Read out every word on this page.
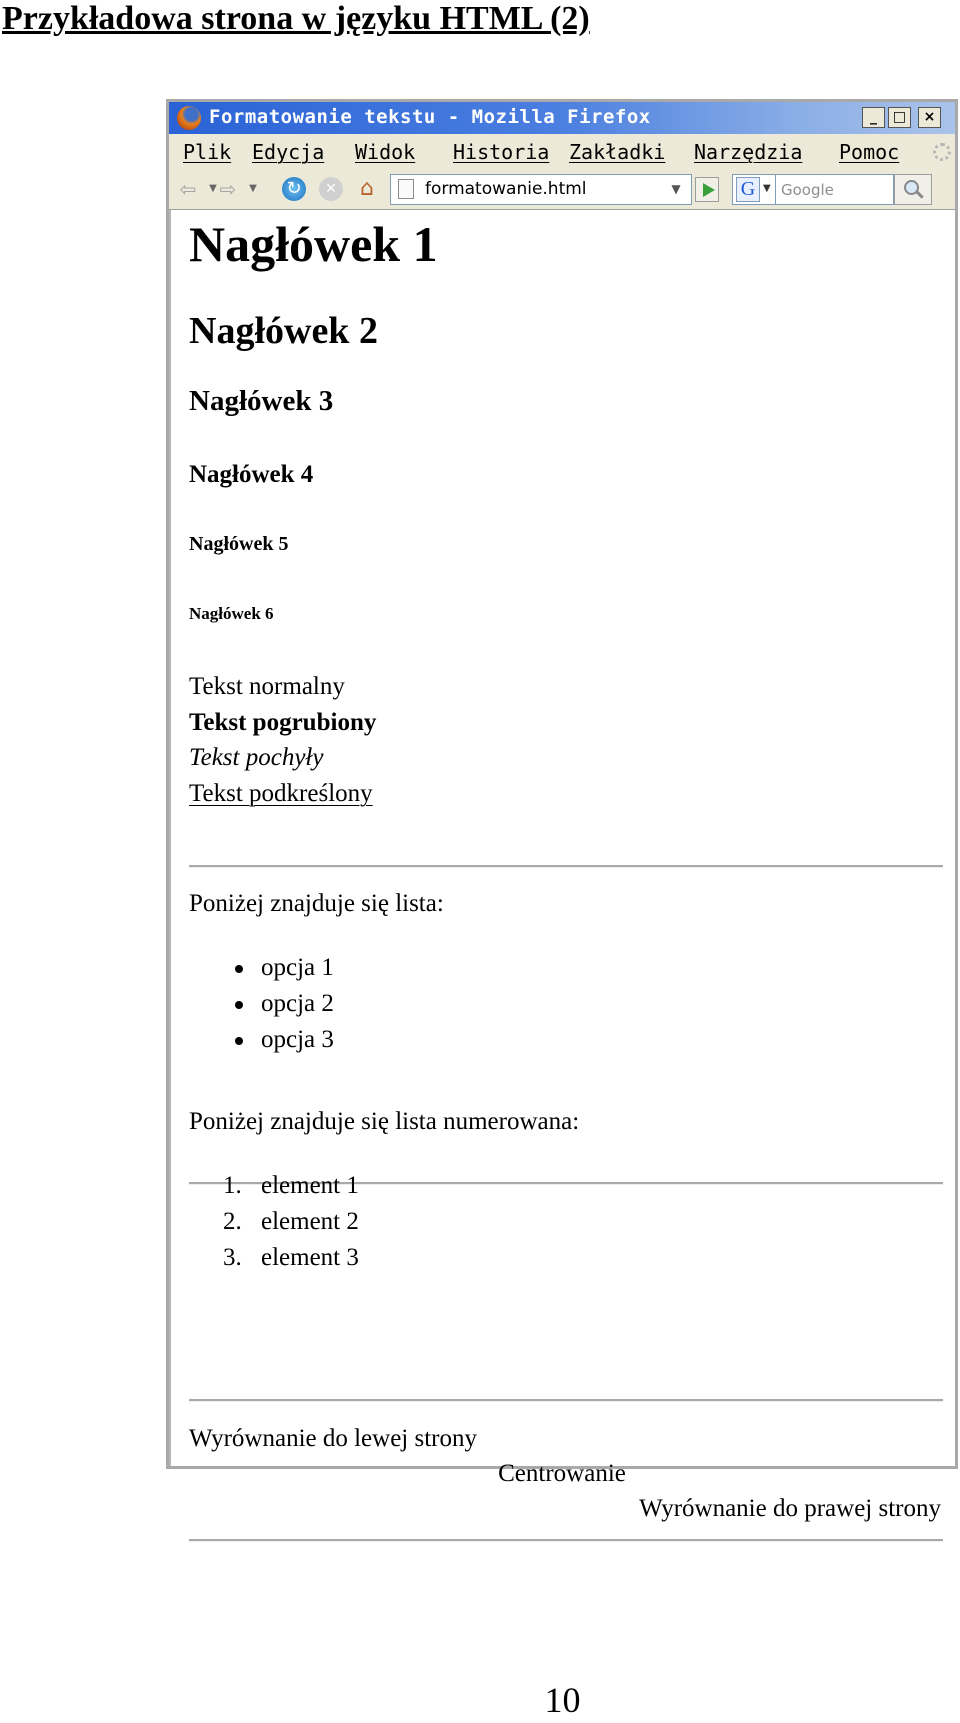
Przykładowa strona w języku HTML (2)
Formatowanie tekstu - Mozilla Firefox	_	□	×
Plik Edycja Widok Historia Zakładki Narzędzia Pomoc
⇦	▼ ⇨	▼	↻	✕ ⌂	formatowanie.html	▼	G ▼ Google
Nagłówek 1
Nagłówek 2
Nagłówek 3
Nagłówek 4
Nagłówek 5
Nagłówek 6
Tekst normalny
Tekst pogrubiony
Tekst pochyły
Tekst podkreślony
Poniżej znajduje się lista:
opcja 1
opcja 2
opcja 3
Poniżej znajduje się lista numerowana:
1. element 1
2. element 2
3. element 3
Wyrównanie do lewej strony
Centrowanie
Wyrównanie do prawej strony
10
